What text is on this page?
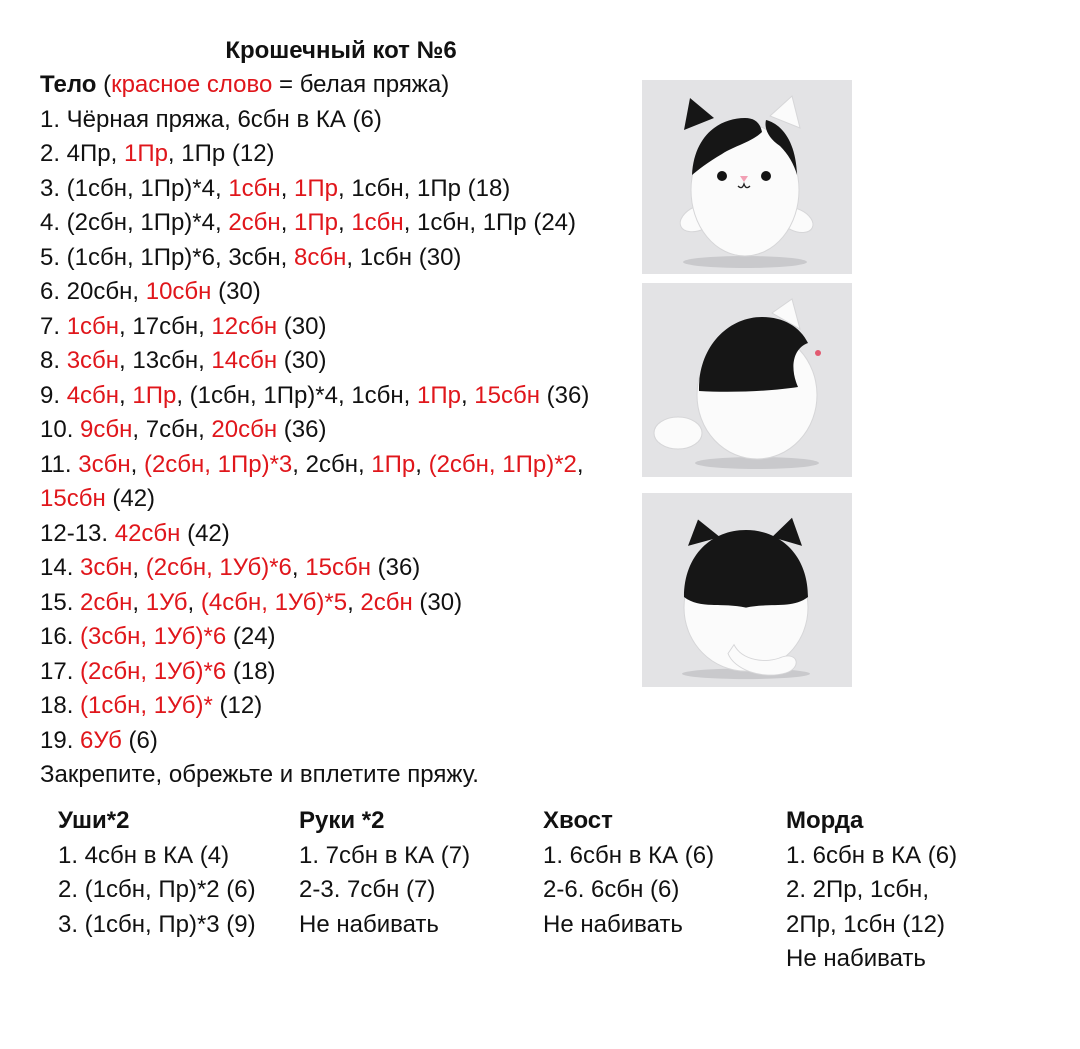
Крошечный кот №6
Тело (красное слово = белая пряжа)
1. Чёрная пряжа, 6сбн в КА (6)
2. 4Пр, 1Пр, 1Пр (12)
3. (1сбн, 1Пр)*4, 1сбн, 1Пр, 1сбн, 1Пр (18)
4. (2сбн, 1Пр)*4, 2сбн, 1Пр, 1сбн, 1сбн, 1Пр (24)
5. (1сбн, 1Пр)*6, 3сбн, 8сбн, 1сбн (30)
6. 20сбн, 10сбн (30)
7. 1сбн, 17сбн, 12сбн (30)
8. 3сбн, 13сбн, 14сбн (30)
9. 4сбн, 1Пр, (1сбн, 1Пр)*4, 1сбн, 1Пр, 15сбн (36)
10. 9сбн, 7сбн, 20сбн (36)
11. 3сбн, (2сбн, 1Пр)*3, 2сбн, 1Пр, (2сбн, 1Пр)*2,
15сбн (42)
12-13. 42сбн (42)
14. 3сбн, (2сбн, 1Уб)*6, 15сбн (36)
15. 2сбн, 1Уб, (4сбн, 1Уб)*5, 2сбн (30)
16. (3сбн, 1Уб)*6 (24)
17. (2сбн, 1Уб)*6 (18)
18. (1сбн, 1Уб)* (12)
19. 6Уб (6)
Закрепите, обрежьте и вплетите пряжу.
Уши*2
1. 4сбн в КА (4)
2. (1сбн, Пр)*2 (6)
3. (1сбн, Пр)*3 (9)
Руки *2
1. 7сбн в КА (7)
2-3. 7сбн (7)
Не набивать
Хвост
1. 6сбн в КА (6)
2-6. 6сбн (6)
Не набивать
Морда
1. 6сбн в КА (6)
2. 2Пр, 1сбн,
2Пр, 1сбн (12)
Не набивать
